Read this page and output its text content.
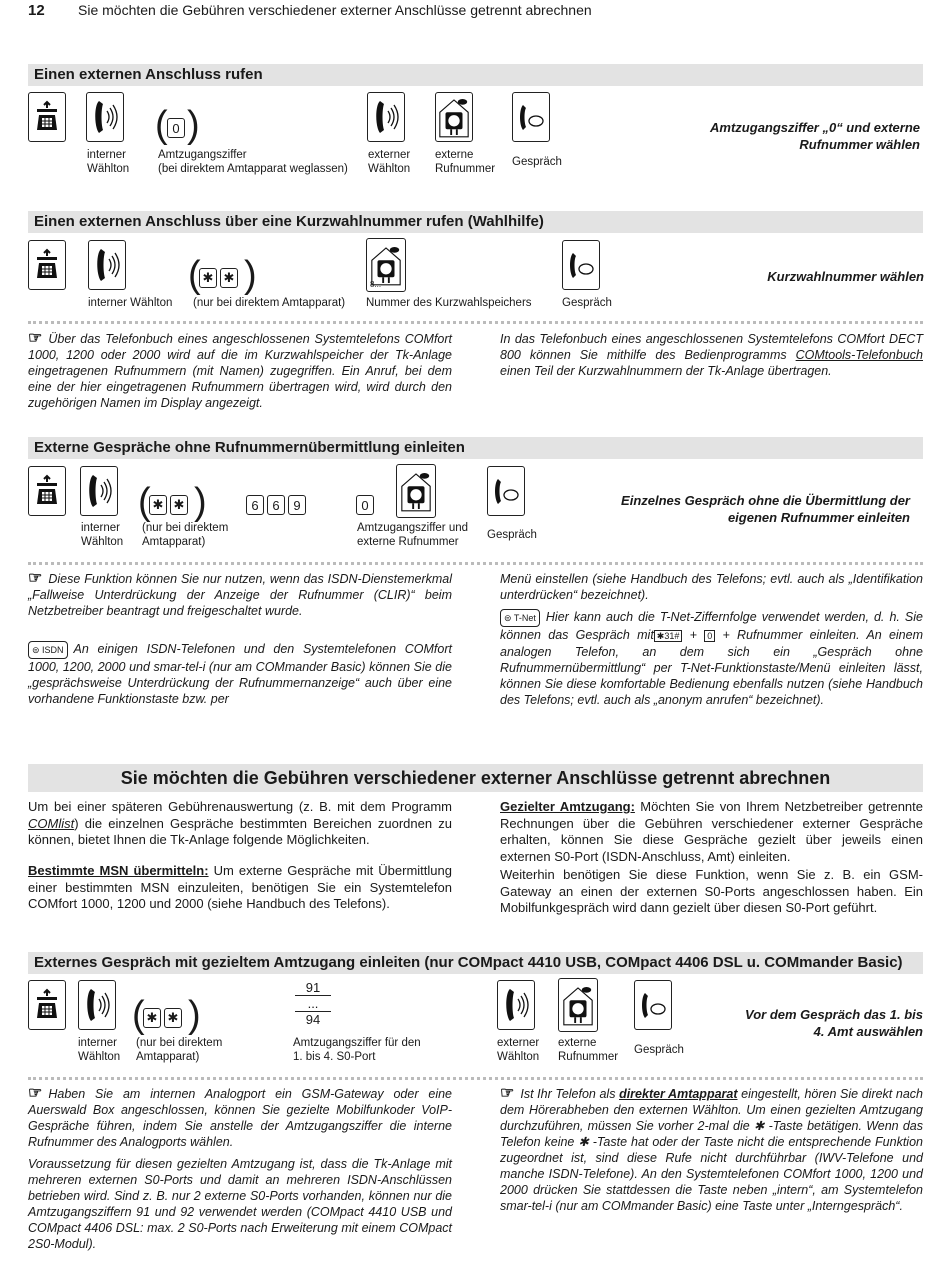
12 Sie möchten die Gebühren verschiedener externer Anschlüsse getrennt abrechnen
Einen externen Anschluss rufen
interner
Wählton
( 0 )
Amtzugangsziffer
(bei direktem Amtapparat weglassen)
externer
Wählton
externe
Rufnummer
Gespräch
Amtzugangsziffer „0“ und externe
Rufnummer wählen
Einen externen Anschluss über eine Kurzwahlnummer rufen (Wahlhilfe)
interner Wählton
( ✱ ✱ )
(nur bei direktem Amtapparat)
8...
Nummer des Kurzwahlspeichers	Gespräch
Kurzwahlnummer wählen
☞ Über das Telefonbuch eines angeschlossenen Systemtelefons COMfort 1000, 1200 oder 2000 wird auf die im Kurzwahlspeicher der Tk-Anlage eingetragenen Rufnummern (mit Namen) zugegriffen. Ein Anruf, bei dem eine der hier eingetragenen Rufnummern übertragen wird, wird durch den zugehörigen Namen im Display angezeigt.
In das Telefonbuch eines angeschlossenen Systemtelefons COMfort DECT 800 können Sie mithilfe des Bedienprogramms COMtools-Telefonbuch einen Teil der Kurzwahlnummern der Tk-Anlage übertragen.
Externe Gespräche ohne Rufnummernübermittlung einleiten
interner
Wählton
( ✱ ✱ )
(nur bei direktem
Amtapparat)
6 6 9	0
Amtzugangsziffer und
externe Rufnummer
Gespräch
Einzelnes Gespräch ohne die Übermittlung der
eigenen Rufnummer einleiten
☞ Diese Funktion können Sie nur nutzen, wenn das ISDN-Dienstemerkmal „Fallweise Unterdrückung der Anzeige der Rufnummer (CLIR)“ beim Netzbetreiber beantragt und freigeschaltet wurde.
⊜ ISDN An einigen ISDN-Telefonen und den Systemtelefonen COMfort 1000, 1200, 2000 und smar-tel-i (nur am COMmander Basic) können Sie die „gesprächsweise Unterdrückung der Rufnummernanzeige“ auch über eine vorhandene Funktionstaste bzw. per
Menü einstellen (siehe Handbuch des Telefons; evtl. auch als „Identifikation unterdrücken“ bezeichnet).
⊜ T-Net Hier kann auch die T-Net-Ziffernfolge verwendet werden, d. h. Sie können das Gespräch mit ✱31# + 0 + Rufnummer einleiten. An einem analogen Telefon, an dem sich ein „Gespräch ohne Rufnummernübermittlung“ per T-Net-Funktionstaste/Menü einleiten lässt, können Sie diese komfortable Bedienung ebenfalls nutzen (siehe Handbuch des Telefons; evtl. auch als „anonym anrufen“ bezeichnet).
Sie möchten die Gebühren verschiedener externer Anschlüsse getrennt abrechnen
Um bei einer späteren Gebührenauswertung (z. B. mit dem Programm COMlist) die einzelnen Gespräche bestimmten Bereichen zuordnen zu können, bietet Ihnen die Tk-Anlage folgende Möglichkeiten.
Bestimmte MSN übermitteln: Um externe Gespräche mit Übermittlung einer bestimmten MSN einzuleiten, benötigen Sie ein Systemtelefon COMfort 1000, 1200 und 2000 (siehe Handbuch des Telefons).
Gezielter Amtzugang: Möchten Sie von Ihrem Netzbetreiber getrennte Rechnungen über die Gebühren verschiedener externer Gespräche erhalten, können Sie diese Gespräche gezielt über jeweils einen externen S0-Port (ISDN-Anschluss, Amt) einleiten.
Weiterhin benötigen Sie diese Funktion, wenn Sie z. B. ein GSM-Gateway an einen der externen S0-Ports angeschlossen haben. Ein Mobilfunkgespräch wird dann gezielt über diesen S0-Port geführt.
Externes Gespräch mit gezieltem Amtzugang einleiten (nur COMpact 4410 USB, COMpact 4406 DSL u. COMmander Basic)
interner
Wählton
( ✱ ✱ )
(nur bei direktem
Amtapparat)
91
...
94
Amtzugangsziffer für den
1. bis 4. S0-Port
externer
Wählton
externe
Rufnummer
Gespräch
Vor dem Gespräch das 1. bis
4. Amt auswählen
☞ Haben Sie am internen Analogport ein GSM-Gateway oder eine Auerswald Box angeschlossen, können Sie gezielte Mobilfunkoder VoIP-Gespräche führen, indem Sie anstelle der Amtzugangsziffer die interne Rufnummer des Analogports wählen.
Voraussetzung für diesen gezielten Amtzugang ist, dass die Tk-Anlage mit mehreren externen S0-Ports und damit an mehreren ISDN-Anschlüssen betrieben wird. Sind z. B. nur 2 externe S0-Ports vorhanden, können nur die Amtzugangsziffern 91 und 92 verwendet werden (COMpact 4410 USB und COMpact 4406 DSL: max. 2 S0-Ports nach Erweiterung mit einem COMpact 2S0-Modul).
☞ Ist Ihr Telefon als direkter Amtapparat eingestellt, hören Sie direkt nach dem Hörerabheben den externen Wählton. Um einen gezielten Amtzugang durchzuführen, müssen Sie vorher 2-mal die ✱ -Taste betätigen. Wenn das Telefon keine ✱ -Taste hat oder der Taste nicht die entsprechende Funktion zugeordnet ist, sind diese Rufe nicht durchführbar (IWV-Telefone und manche ISDN-Telefone). An den Systemtelefonen COMfort 1000, 1200 und 2000 drücken Sie stattdessen die Taste neben „intern“, am Systemtelefon smar-tel-i (nur am COMmander Basic) eine Taste unter „Interngespräch“.
